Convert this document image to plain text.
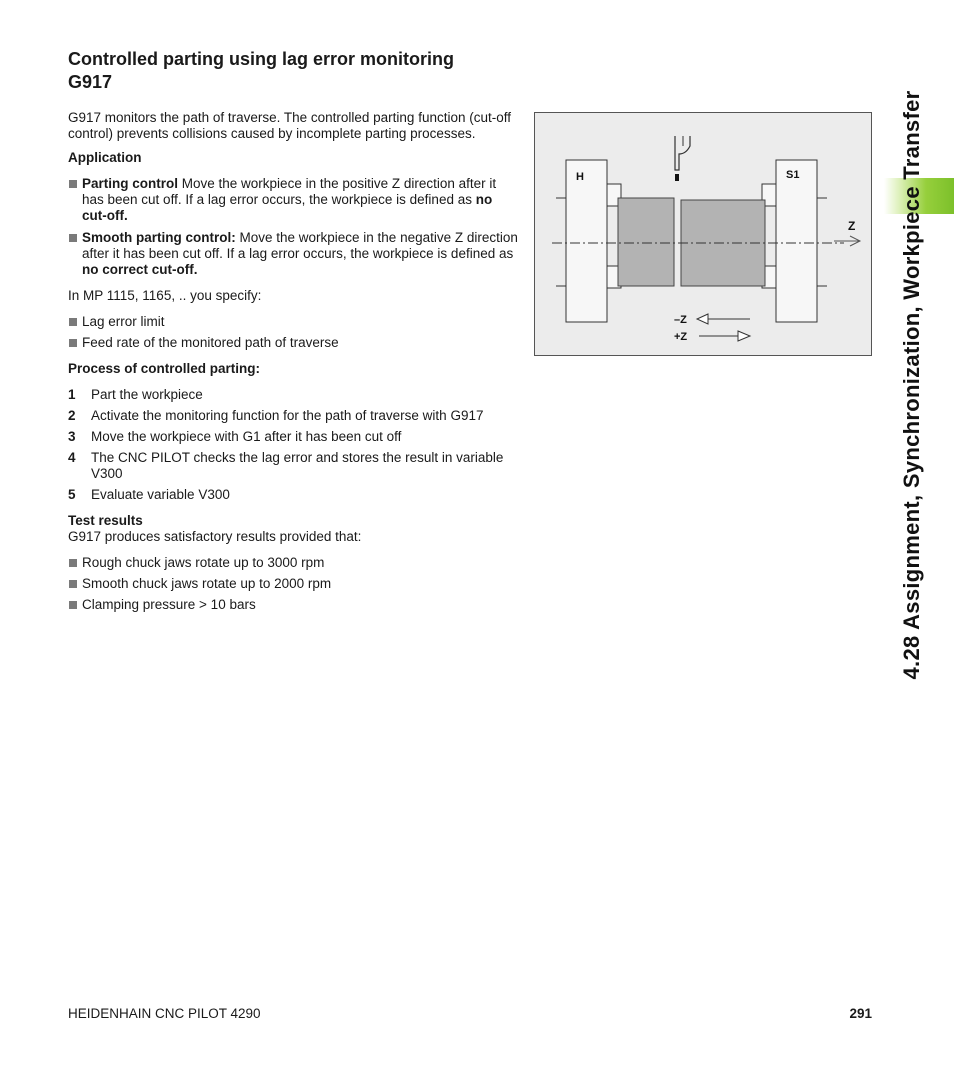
Controlled parting using lag error monitoring
G917

G917 monitors the path of traverse. The controlled parting function (cut-off control) prevents collisions caused by incomplete parting processes.

Application

Parting control Move the workpiece in the positive Z direction after it has been cut off. If a lag error occurs, the workpiece is defined as no cut-off.

Smooth parting control: Move the workpiece in the negative Z direction after it has been cut off. If a lag error occurs, the workpiece is defined as no correct cut-off.

In MP 1115, 1165, .. you specify:

Lag error limit

Feed rate of the monitored path of traverse

Process of controlled parting:

1	Part the workpiece
2	Activate the monitoring function for the path of traverse with G917
3	Move the workpiece with G1 after it has been cut off
4	The CNC PILOT checks the lag error and stores the result in variable V300
5	Evaluate variable V300

Test results

G917 produces satisfactory results provided that:

Rough chuck jaws rotate up to 3000 rpm

Smooth chuck jaws rotate up to 2000 rpm

Clamping pressure > 10 bars

H	S1
Z
–Z
+Z	4.28 Assignment, Synchronization, Workpiece Transfer
HEIDENHAIN CNC PILOT 4290	291
